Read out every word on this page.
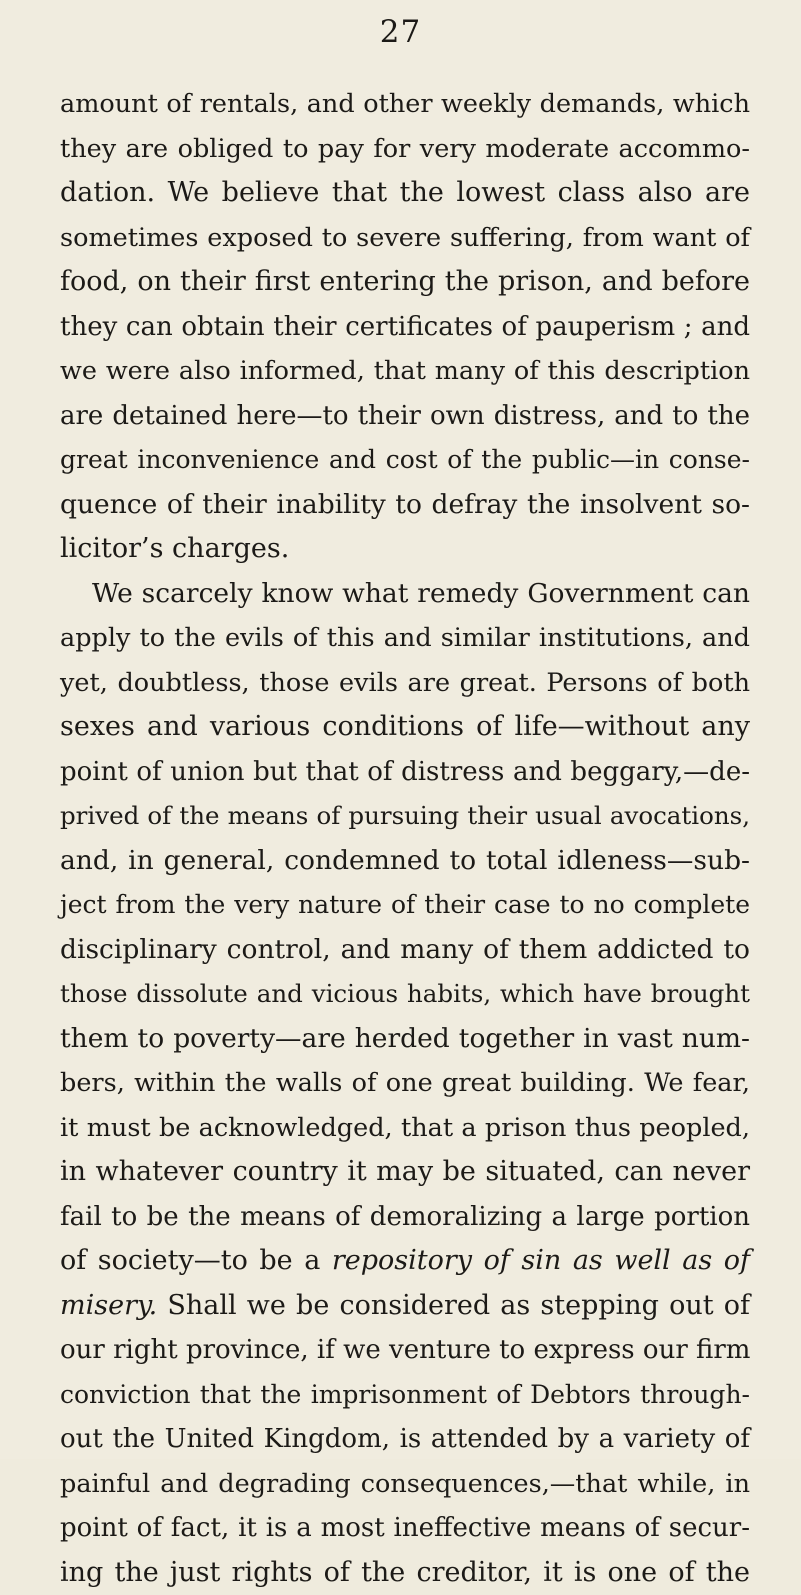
27
amount of rentals, and other weekly demands, which
they are obliged to pay for very moderate accommo-
dation. We believe that the lowest class also are
sometimes exposed to severe suffering, from want of
food, on their first entering the prison, and before
they can obtain their certificates of pauperism ; and
we were also informed, that many of this description
are detained here—to their own distress, and to the
great inconvenience and cost of the public—in conse-
quence of their inability to defray the insolvent so-
licitor’s charges.
We scarcely know what remedy Government can
apply to the evils of this and similar institutions, and
yet, doubtless, those evils are great. Persons of both
sexes and various conditions of life—without any
point of union but that of distress and beggary,—de-
prived of the means of pursuing their usual avocations,
and, in general, condemned to total idleness—sub-
ject from the very nature of their case to no complete
disciplinary control, and many of them addicted to
those dissolute and vicious habits, which have brought
them to poverty—are herded together in vast num-
bers, within the walls of one great building. We fear,
it must be acknowledged, that a prison thus peopled,
in whatever country it may be situated, can never
fail to be the means of demoralizing a large portion
of society—to be a repository of sin as well as of
misery. Shall we be considered as stepping out of
our right province, if we venture to express our firm
conviction that the imprisonment of Debtors through-
out the United Kingdom, is attended by a variety of
painful and degrading consequences,—that while, in
point of fact, it is a most ineffective means of secur-
ing the just rights of the creditor, it is one of the
